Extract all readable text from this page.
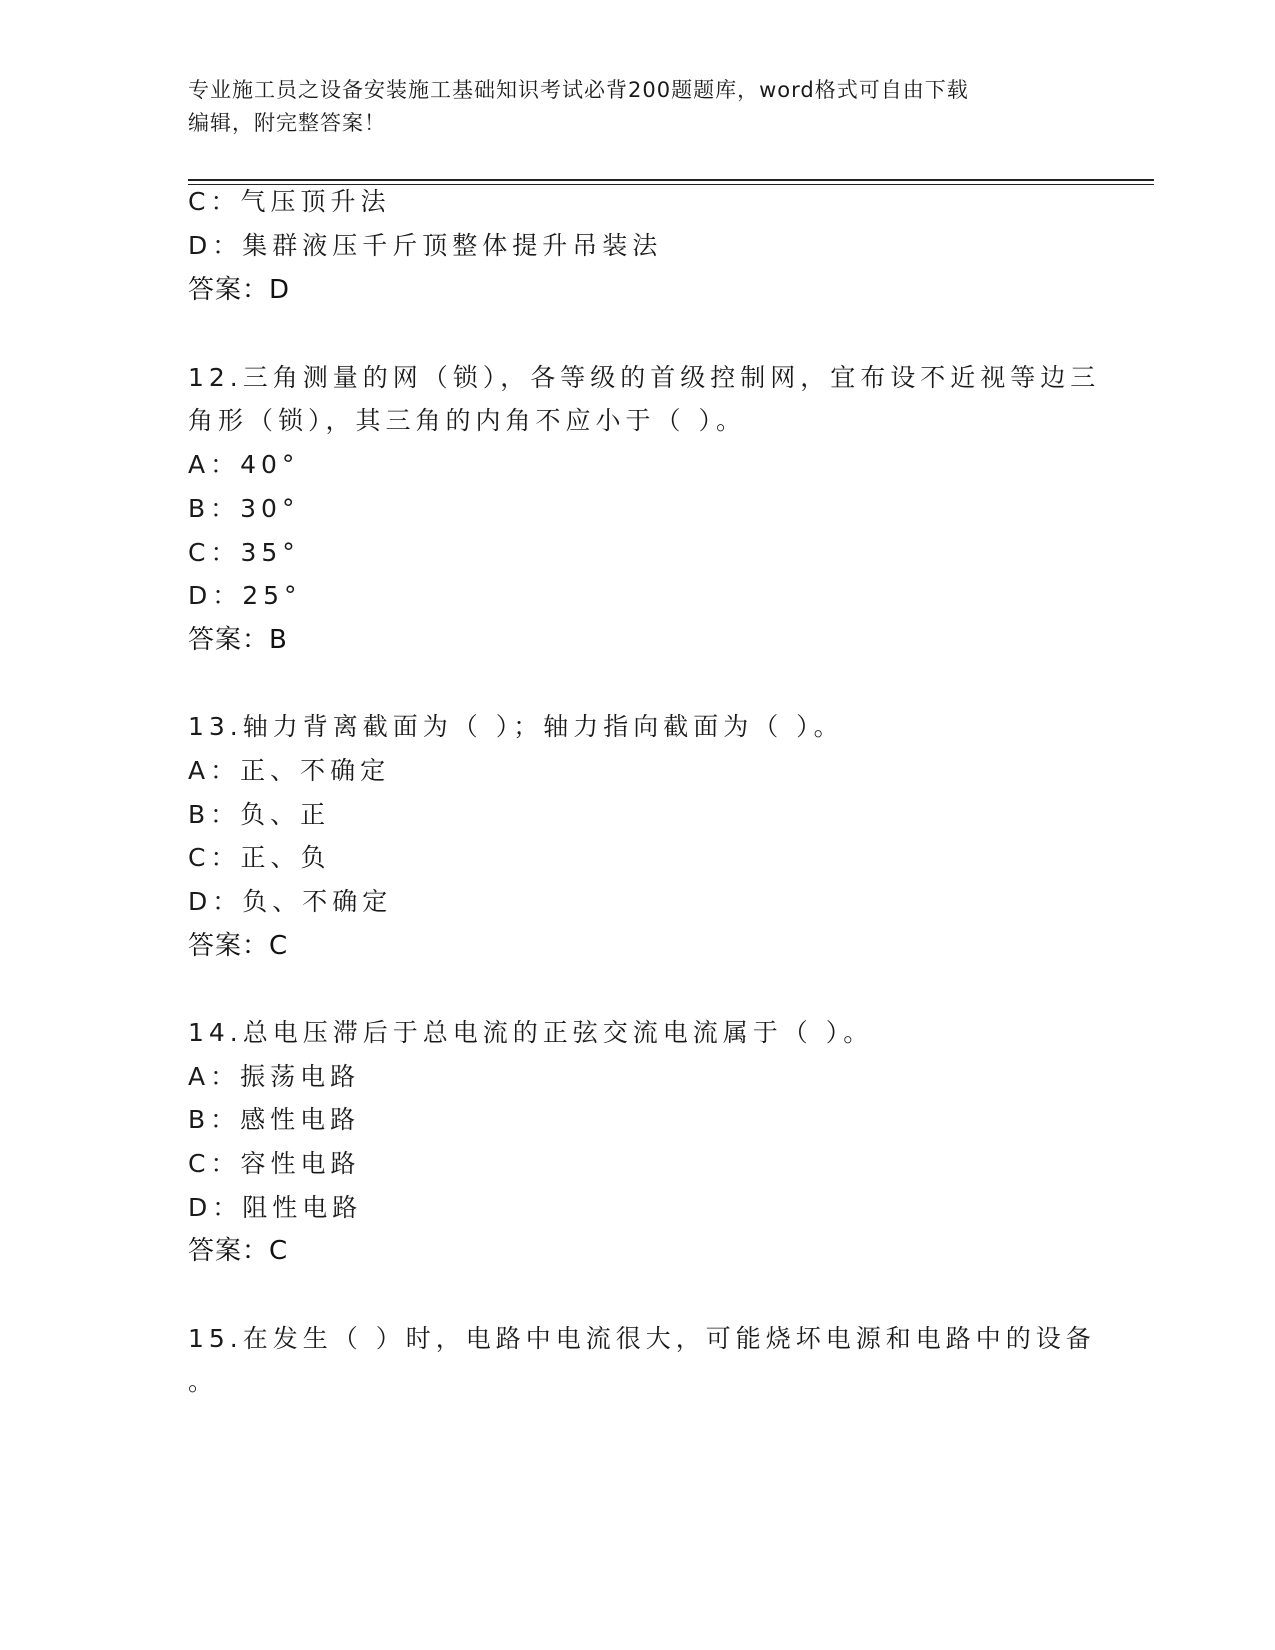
专业施工员之设备安装施工基础知识考试必背200题题库，word格式可自由下载
编辑，附完整答案！
C：气压顶升法
D：集群液压千斤顶整体提升吊装法
答案：D
12.三角测量的网（锁），各等级的首级控制网，宜布设不近视等边三
角形（锁），其三角的内角不应小于（ ）。
A：40°
B：30°
C：35°
D：25°
答案：B
13.轴力背离截面为（ ）；轴力指向截面为（ ）。
A：正、不确定
B：负、正
C：正、负
D：负、不确定
答案：C
14.总电压滞后于总电流的正弦交流电流属于（ ）。
A：振荡电路
B：感性电路
C：容性电路
D：阻性电路
答案：C
15.在发生（ ）时，电路中电流很大，可能烧坏电源和电路中的设备
。
